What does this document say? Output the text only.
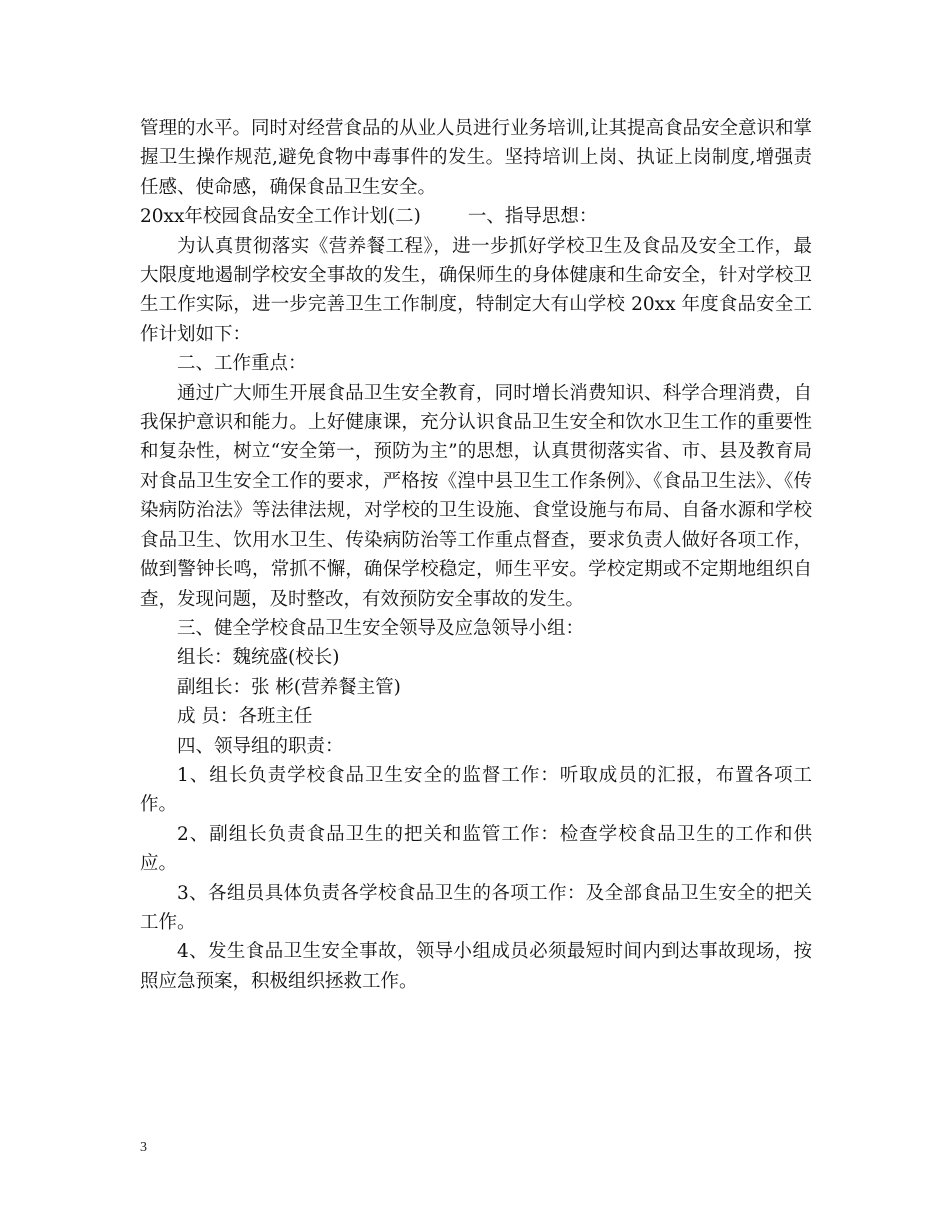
管理的水平。同时对经营食品的从业人员进行业务培训,让其提高食品安全意识和掌握卫生操作规范,避免食物中毒事件的发生。坚持培训上岗、执证上岗制度,增强责任感、使命感，确保食品卫生安全。

20xx年校园食品安全工作计划(二)        一、指导思想：

为认真贯彻落实《营养餐工程》，进一步抓好学校卫生及食品及安全工作，最大限度地遏制学校安全事故的发生，确保师生的身体健康和生命安全，针对学校卫生工作实际，进一步完善卫生工作制度，特制定大有山学校 20xx 年度食品安全工作计划如下：

二、工作重点：

通过广大师生开展食品卫生安全教育，同时增长消费知识、科学合理消费，自我保护意识和能力。上好健康课，充分认识食品卫生安全和饮水卫生工作的重要性和复杂性，树立“安全第一，预防为主”的思想，认真贯彻落实省、市、县及教育局对食品卫生安全工作的要求，严格按《湟中县卫生工作条例》、《食品卫生法》、《传染病防治法》等法律法规，对学校的卫生设施、食堂设施与布局、自备水源和学校食品卫生、饮用水卫生、传染病防治等工作重点督查，要求负责人做好各项工作，做到警钟长鸣，常抓不懈，确保学校稳定，师生平安。学校定期或不定期地组织自查，发现问题，及时整改，有效预防安全事故的发生。

三、健全学校食品卫生安全领导及应急领导小组：

组长：魏统盛(校长)

副组长：张 彬(营养餐主管)

成 员：各班主任

四、领导组的职责：

1、组长负责学校食品卫生安全的监督工作：听取成员的汇报，布置各项工作。

2、副组长负责食品卫生的把关和监管工作：检查学校食品卫生的工作和供应。

3、各组员具体负责各学校食品卫生的各项工作：及全部食品卫生安全的把关工作。

4、发生食品卫生安全事故，领导小组成员必须最短时间内到达事故现场，按照应急预案，积极组织拯救工作。

3
